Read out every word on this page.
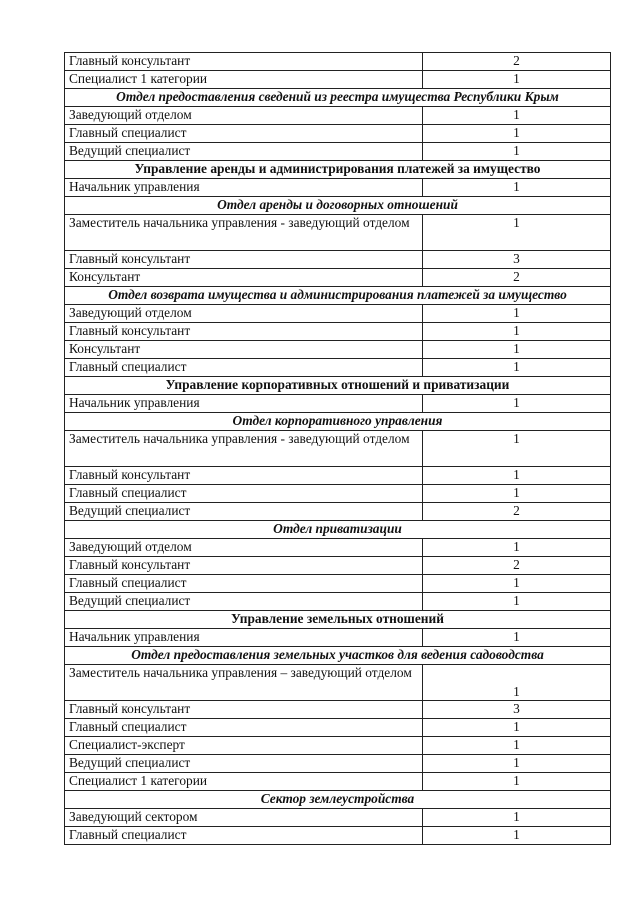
Главный консультант	2
Специалист 1 категории	1
Отдел предоставления сведений из реестра имущества Республики Крым	
Заведующий отделом	1
Главный специалист	1
Ведущий специалист	1
Управление аренды и администрирования платежей за имущество	
Начальник управления	1
Отдел аренды и договорных отношений	
Заместитель начальника управления - заведующий отделом	1
Главный консультант	3
Консультант	2
Отдел возврата имущества и администрирования платежей за имущество	
Заведующий отделом	1
Главный консультант	1
Консультант	1
Главный специалист	1
Управление корпоративных отношений и приватизации	
Начальник управления	1
Отдел корпоративного управления	
Заместитель начальника управления - заведующий отделом	1
Главный консультант	1
Главный специалист	1
Ведущий специалист	2
Отдел приватизации	
Заведующий отделом	1
Главный консультант	2
Главный специалист	1
Ведущий специалист	1
Управление земельных отношений	
Начальник управления	1
Отдел предоставления земельных участков для ведения садоводства	
Заместитель начальника управления – заведующий отделом	1
Главный консультант	3
Главный специалист	1
Специалист-эксперт	1
Ведущий специалист	1
Специалист 1 категории	1
Сектор землеустройства	
Заведующий сектором	1
Главный специалист	1
